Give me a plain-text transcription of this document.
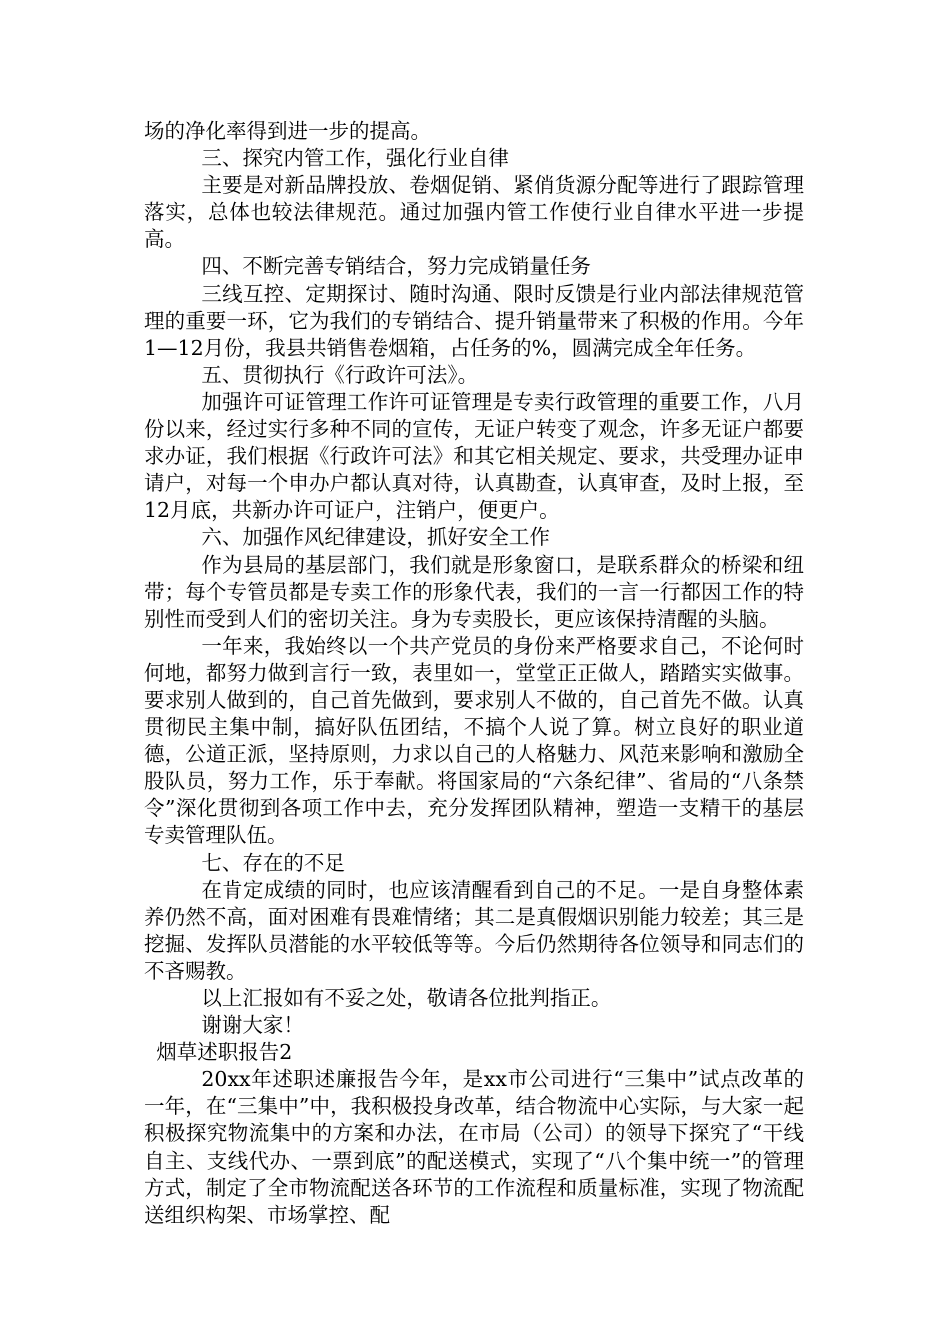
场的净化率得到进一步的提高。

三、探究内管工作，强化行业自律

主要是对新品牌投放、卷烟促销、紧俏货源分配等进行了跟踪管理落实，总体也较法律规范。通过加强内管工作使行业自律水平进一步提高。

四、不断完善专销结合，努力完成销量任务

三线互控、定期探讨、随时沟通、限时反馈是行业内部法律规范管理的重要一环，它为我们的专销结合、提升销量带来了积极的作用。今年1—12月份，我县共销售卷烟箱，占任务的%，圆满完成全年任务。

五、贯彻执行《行政许可法》。

加强许可证管理工作许可证管理是专卖行政管理的重要工作，八月份以来，经过实行多种不同的宣传，无证户转变了观念，许多无证户都要求办证，我们根据《行政许可法》和其它相关规定、要求，共受理办证申请户，对每一个申办户都认真对待，认真勘查，认真审查，及时上报，至12月底，共新办许可证户，注销户，便更户。

六、加强作风纪律建设，抓好安全工作

作为县局的基层部门，我们就是形象窗口，是联系群众的桥梁和纽带；每个专管员都是专卖工作的形象代表，我们的一言一行都因工作的特别性而受到人们的密切关注。身为专卖股长，更应该保持清醒的头脑。

一年来，我始终以一个共产党员的身份来严格要求自己，不论何时何地，都努力做到言行一致，表里如一，堂堂正正做人，踏踏实实做事。要求别人做到的，自己首先做到，要求别人不做的，自己首先不做。认真贯彻民主集中制，搞好队伍团结，不搞个人说了算。树立良好的职业道德，公道正派，坚持原则，力求以自己的人格魅力、风范来影响和激励全股队员，努力工作，乐于奉献。将国家局的“六条纪律”、省局的“八条禁令”深化贯彻到各项工作中去，充分发挥团队精神，塑造一支精干的基层专卖管理队伍。

七、存在的不足

在肯定成绩的同时，也应该清醒看到自己的不足。一是自身整体素养仍然不高，面对困难有畏难情绪；其二是真假烟识别能力较差；其三是挖掘、发挥队员潜能的水平较低等等。今后仍然期待各位领导和同志们的不吝赐教。

以上汇报如有不妥之处，敬请各位批判指正。

谢谢大家！

烟草述职报告2

20xx年述职述廉报告今年，是xx市公司进行“三集中”试点改革的一年，在“三集中”中，我积极投身改革，结合物流中心实际，与大家一起积极探究物流集中的方案和办法，在市局（公司）的领导下探究了“干线自主、支线代办、一票到底”的配送模式，实现了“八个集中统一”的管理方式，制定了全市物流配送各环节的工作流程和质量标准，实现了物流配送组织构架、市场掌控、配
